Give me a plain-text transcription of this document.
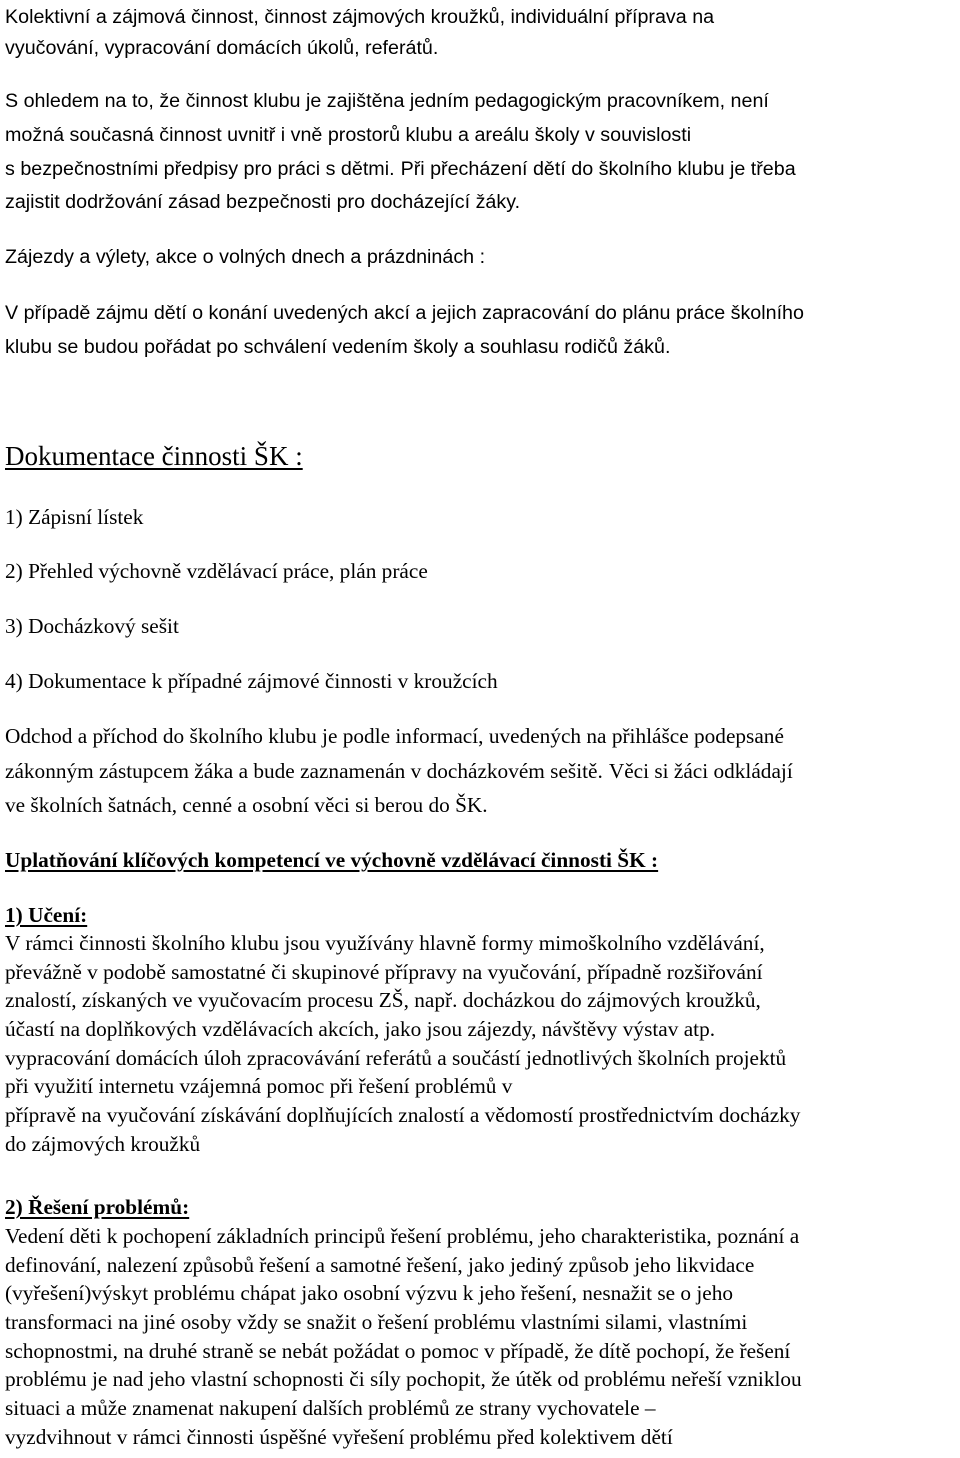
Kolektivní a zájmová činnost, činnost zájmových kroužků, individuální příprava na
vyučování, vypracování domácích úkolů, referátů.
S ohledem na to, že činnost klubu je zajištěna jedním pedagogickým pracovníkem, není
možná současná činnost uvnitř i vně prostorů klubu a areálu školy v souvislosti
s bezpečnostními předpisy pro práci s dětmi. Při přecházení dětí do školního klubu je třeba
zajistit dodržování zásad bezpečnosti pro docházející žáky.
Zájezdy a výlety, akce o volných dnech a prázdninách :
V případě zájmu dětí o konání uvedených akcí a jejich zapracování do plánu práce školního
klubu se budou pořádat po schválení vedením školy a souhlasu rodičů žáků.
Dokumentace činnosti ŠK :
1) Zápisní lístek
2) Přehled výchovně vzdělávací práce, plán práce
3) Docházkový sešit
4) Dokumentace k případné zájmové činnosti v kroužcích
Odchod a příchod do školního klubu je podle informací, uvedených na přihlášce podepsané
zákonným zástupcem žáka a bude zaznamenán v docházkovém sešitě. Věci si žáci odkládají
ve školních šatnách, cenné a osobní věci si berou do ŠK.
Uplatňování klíčových kompetencí ve výchovně vzdělávací činnosti ŠK :
1) Učení:
V rámci činnosti školního klubu jsou využívány hlavně formy mimoškolního vzdělávání,
převážně v podobě samostatné či skupinové přípravy na vyučování, případně rozšiřování
znalostí, získaných ve vyučovacím procesu ZŠ, např. docházkou do zájmových kroužků,
účastí na doplňkových vzdělávacích akcích, jako jsou zájezdy, návštěvy výstav atp.
vypracování domácích úloh zpracovávání referátů a součástí jednotlivých školních projektů
při využití internetu vzájemná pomoc při řešení problémů v
přípravě na vyučování získávání doplňujících znalostí a vědomostí prostřednictvím docházky
do zájmových kroužků
2) Řešení problémů:
Vedení děti k pochopení základních principů řešení problému, jeho charakteristika, poznání a
definování, nalezení způsobů řešení a samotné řešení, jako jediný způsob jeho likvidace
(vyřešení)výskyt problému chápat jako osobní výzvu k jeho řešení, nesnažit se o jeho
transformaci na jiné osoby vždy se snažit o řešení problému vlastními silami, vlastními
schopnostmi, na druhé straně se nebát požádat o pomoc v případě, že dítě pochopí, že řešení
problému je nad jeho vlastní schopnosti či síly pochopit, že útěk od problému neřeší vzniklou
situaci a může znamenat nakupení dalších problémů ze strany vychovatele –
vyzdvihnout v rámci činnosti úspěšné vyřešení problému před kolektivem dětí
